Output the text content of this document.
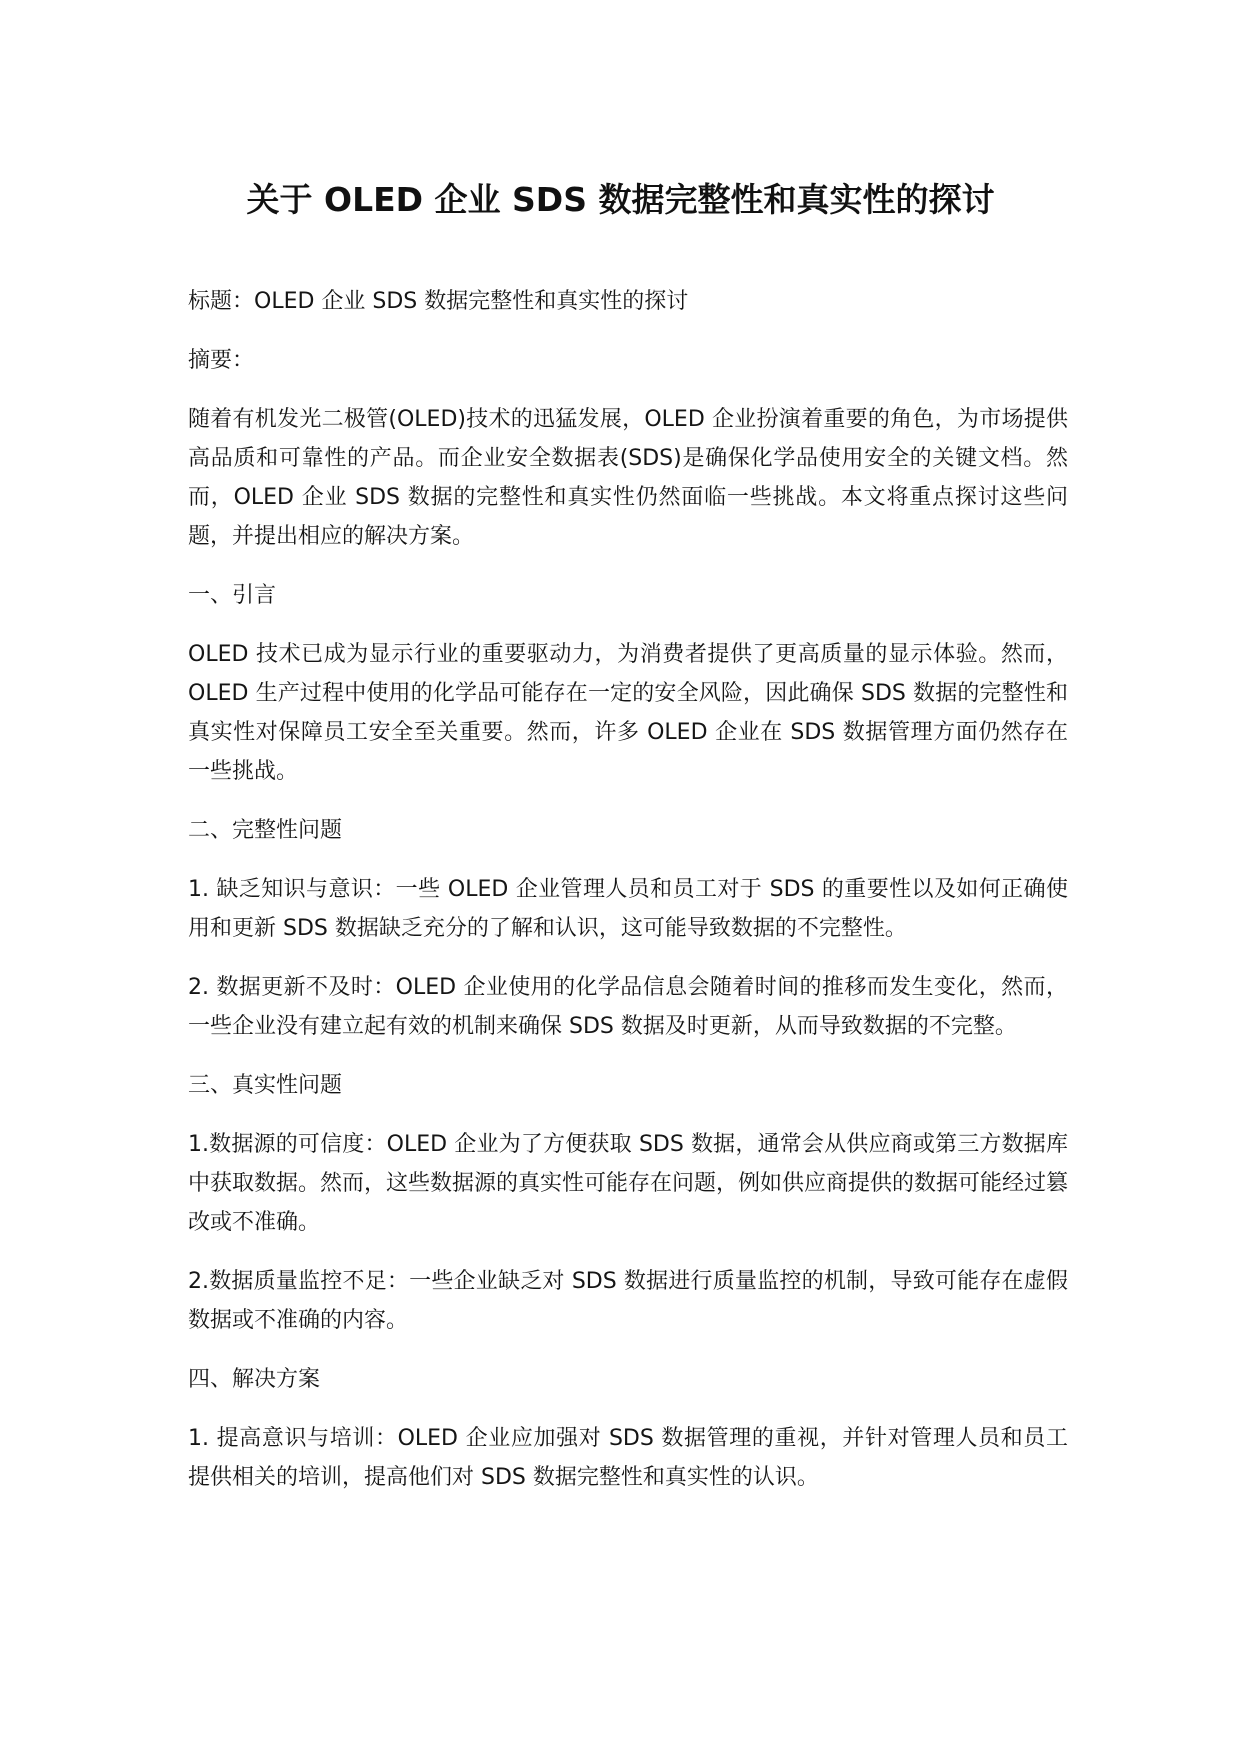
关于 OLED 企业 SDS 数据完整性和真实性的探讨

标题：OLED 企业 SDS 数据完整性和真实性的探讨

摘要：

随着有机发光二极管(OLED)技术的迅猛发展，OLED 企业扮演着重要的角色，为市场提供高品质和可靠性的产品。而企业安全数据表(SDS)是确保化学品使用安全的关键文档。然而，OLED 企业 SDS 数据的完整性和真实性仍然面临一些挑战。本文将重点探讨这些问题，并提出相应的解决方案。

一、引言

OLED 技术已成为显示行业的重要驱动力，为消费者提供了更高质量的显示体验。然而，OLED 生产过程中使用的化学品可能存在一定的安全风险，因此确保 SDS 数据的完整性和真实性对保障员工安全至关重要。然而，许多 OLED 企业在 SDS 数据管理方面仍然存在一些挑战。

二、完整性问题

1. 缺乏知识与意识：一些 OLED 企业管理人员和员工对于 SDS 的重要性以及如何正确使用和更新 SDS 数据缺乏充分的了解和认识，这可能导致数据的不完整性。

2. 数据更新不及时：OLED 企业使用的化学品信息会随着时间的推移而发生变化，然而，一些企业没有建立起有效的机制来确保 SDS 数据及时更新，从而导致数据的不完整。

三、真实性问题

1.数据源的可信度：OLED 企业为了方便获取 SDS 数据，通常会从供应商或第三方数据库中获取数据。然而，这些数据源的真实性可能存在问题，例如供应商提供的数据可能经过篡改或不准确。

2.数据质量监控不足：一些企业缺乏对 SDS 数据进行质量监控的机制，导致可能存在虚假数据或不准确的内容。

四、解决方案

1. 提高意识与培训：OLED 企业应加强对 SDS 数据管理的重视，并针对管理人员和员工提供相关的培训，提高他们对 SDS 数据完整性和真实性的认识。
